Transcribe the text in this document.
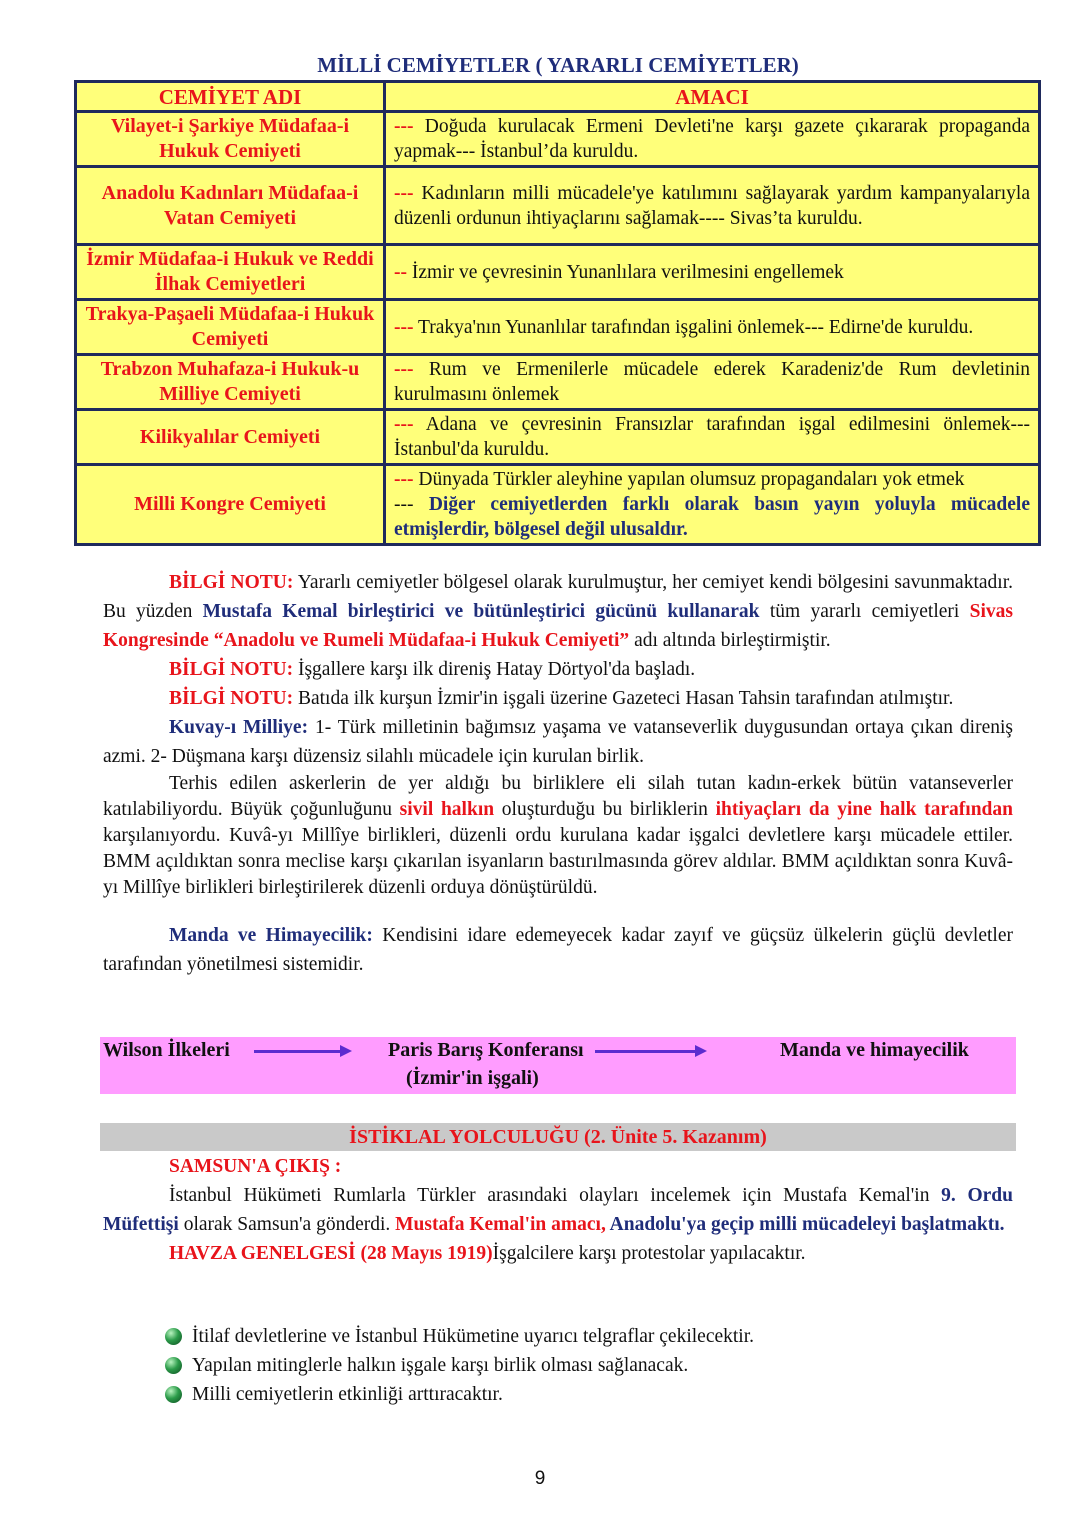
MİLLİ CEMİYETLER ( YARARLI CEMİYETLER)
CEMİYET ADI	AMACI
Vilayet-i Şarkiye Müdafaa-i Hukuk Cemiyeti	--- Doğuda kurulacak Ermeni Devleti'ne karşı gazete çıkararak propaganda yapmak--- İstanbul’da kuruldu.
Anadolu Kadınları Müdafaa-i Vatan Cemiyeti	--- Kadınların milli mücadele'ye katılımını sağlayarak yardım kampanyalarıyla düzenli ordunun ihtiyaçlarını sağlamak---- Sivas’ta kuruldu.
İzmir Müdafaa-i Hukuk ve Reddi İlhak Cemiyetleri	-- İzmir ve çevresinin Yunanlılara verilmesini engellemek
Trakya-Paşaeli Müdafaa-i Hukuk Cemiyeti	--- Trakya'nın Yunanlılar tarafından işgalini önlemek--- Edirne'de kuruldu.
Trabzon Muhafaza-i Hukuk-u Milliye Cemiyeti	--- Rum ve Ermenilerle mücadele ederek Karadeniz'de Rum devletinin kurulmasını önlemek
Kilikyalılar Cemiyeti	--- Adana ve çevresinin Fransızlar tarafından işgal edilmesini önlemek--- İstanbul'da kuruldu.
Milli Kongre Cemiyeti	--- Dünyada Türkler aleyhine yapılan olumsuz propagandaları yok etmek
--- Diğer cemiyetlerden farklı olarak basın yayın yoluyla mücadele etmişlerdir, bölgesel değil ulusaldır.

BİLGİ NOTU: Yararlı cemiyetler bölgesel olarak kurulmuştur, her cemiyet kendi bölgesini savunmaktadır. Bu yüzden Mustafa Kemal birleştirici ve bütünleştirici gücünü kullanarak tüm yararlı cemiyetleri Sivas Kongresinde “Anadolu ve Rumeli Müdafaa-i Hukuk Cemiyeti” adı altında birleştirmiştir.

BİLGİ NOTU: İşgallere karşı ilk direniş Hatay Dörtyol'da başladı.

BİLGİ NOTU: Batıda ilk kurşun İzmir'in işgali üzerine Gazeteci Hasan Tahsin tarafından atılmıştır.

Kuvay-ı Milliye: 1- Türk milletinin bağımsız yaşama ve vatanseverlik duygusundan ortaya çıkan direniş azmi. 2- Düşmana karşı düzensiz silahlı mücadele için kurulan birlik.

Terhis edilen askerlerin de yer aldığı bu birliklere eli silah tutan kadın-erkek bütün vatanseverler katılabiliyordu. Büyük çoğunluğunu sivil halkın oluşturduğu bu birliklerin ihtiyaçları da yine halk tarafından karşılanıyordu. Kuvâ-yı Millîye birlikleri, düzenli ordu kurulana kadar işgalci devletlere karşı mücadele ettiler. BMM açıldıktan sonra meclise karşı çıkarılan isyanların bastırılmasında görev aldılar. BMM açıldıktan sonra Kuvâ-yı Millîye birlikleri birleştirilerek düzenli orduya dönüştürüldü.

Manda ve Himayecilik: Kendisini idare edemeyecek kadar zayıf ve güçsüz ülkelerin güçlü devletler tarafından yönetilmesi sistemidir.

Wilson İlkeleri	Paris Barış Konferansı
(İzmir'in işgali)
Manda ve himayecilik
İSTİKLAL YOLCULUĞU (2. Ünite 5. Kazanım)

SAMSUN'A ÇIKIŞ :

İstanbul Hükümeti Rumlarla Türkler arasındaki olayları incelemek için Mustafa Kemal'in 9. Ordu Müfettişi olarak Samsun'a gönderdi. Mustafa Kemal'in amacı, Anadolu'ya geçip milli mücadeleyi başlatmaktı.

HAVZA GENELGESİ (28 Mayıs 1919)İşgalcilere karşı protestolar yapılacaktır.

İtilaf devletlerine ve İstanbul Hükümetine uyarıcı telgraflar çekilecektir.
Yapılan mitinglerle halkın işgale karşı birlik olması sağlanacak.
Milli cemiyetlerin etkinliği arttıracaktır.
9
